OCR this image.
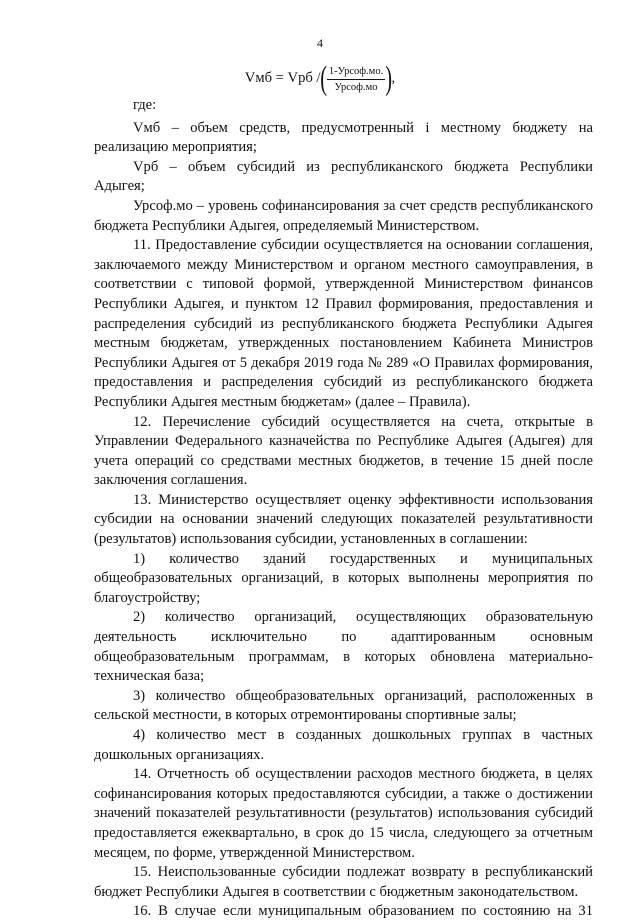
4
Vмб = Vрб / ( $\frac{\text{1-Урсоф.мо.}}{\text{Урсоф.мо}}$ ) ,

где:

Vмб – объем средств, предусмотренный i местному бюджету на реализацию мероприятия;

Vрб – объем субсидий из республиканского бюджета Республики Адыгея;

Урсоф.мо – уровень софинансирования за счет средств республиканского бюджета Республики Адыгея, определяемый Министерством.

11. Предоставление субсидии осуществляется на основании соглашения, заключаемого между Министерством и органом местного самоуправления, в соответствии с типовой формой, утвержденной Министерством финансов Республики Адыгея, и пунктом 12 Правил формирования, предоставления и распределения субсидий из республиканского бюджета Республики Адыгея местным бюджетам, утвержденных постановлением Кабинета Министров Республики Адыгея от 5 декабря 2019 года № 289 «О Правилах формирования, предоставления и распределения субсидий из республиканского бюджета Республики Адыгея местным бюджетам» (далее – Правила).

12. Перечисление субсидий осуществляется на счета, открытые в Управлении Федерального казначейства по Республике Адыгея (Адыгея) для учета операций со средствами местных бюджетов, в течение 15 дней после заключения соглашения.

13. Министерство осуществляет оценку эффективности использования субсидии на основании значений следующих показателей результативности (результатов) использования субсидии, установленных в соглашении:

1) количество зданий государственных и муниципальных общеобразовательных организаций, в которых выполнены мероприятия по благоустройству;

2) количество организаций, осуществляющих образовательную деятельность исключительно по адаптированным основным общеобразовательным программам, в которых обновлена материально-техническая база;

3) количество общеобразовательных организаций, расположенных в сельской местности, в которых отремонтированы спортивные залы;

4) количество мест в созданных дошкольных группах в частных дошкольных организациях.

14. Отчетность об осуществлении расходов местного бюджета, в целях софинансирования которых предоставляются субсидии, а также о достижении значений показателей результативности (результатов) использования субсидий предоставляется ежеквартально, в срок до 15 числа, следующего за отчетным месяцем, по форме, утвержденной Министерством.

15. Неиспользованные субсидии подлежат возврату в республиканский бюджет Республики Адыгея в соответствии с бюджетным законодательством.

16. В случае если муниципальным образованием по состоянию на 31
